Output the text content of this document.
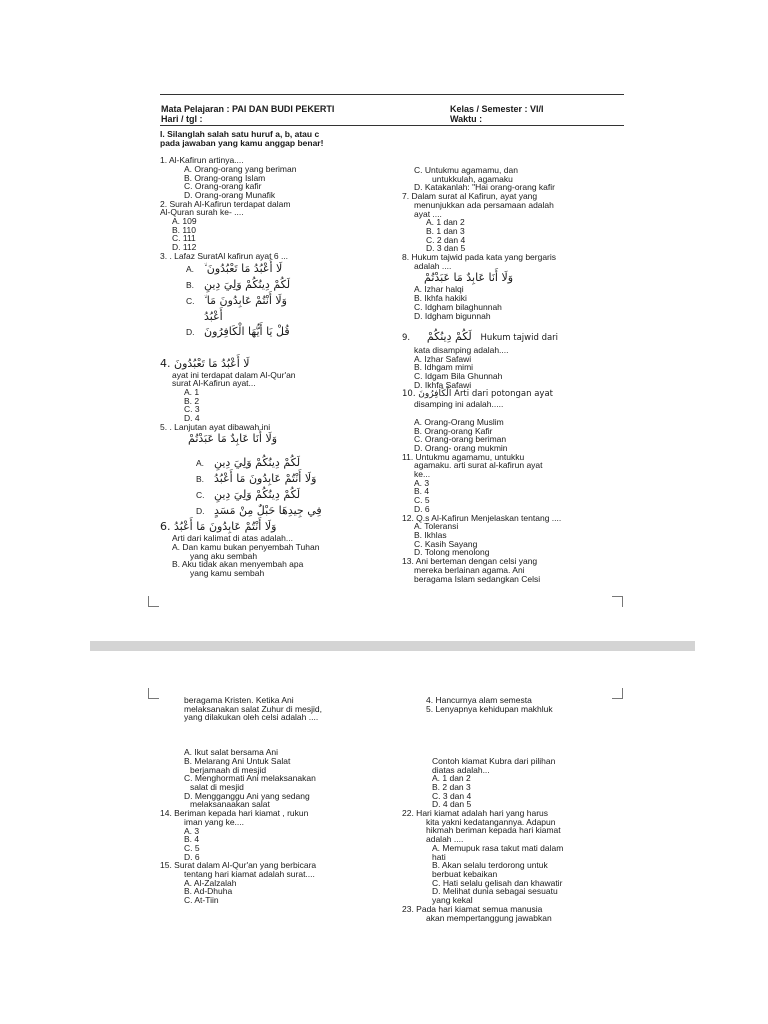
Mata Pelajaran : PAI DAN BUDI PEKERTI
Hari / tgl :
Kelas / Semester : VI/I
Waktu :
I. Silanglah salah satu huruf a, b, atau c
pada jawaban yang kamu anggap benar!
1. Al-Kafirun artinya....
A. Orang-orang yang beriman
B. Orang-orang Islam
C. Orang-orang kafir
D. Orang-orang Munafik
2. Surah Al-Kafirun terdapat dalam
Al-Quran surah ke- ....
A. 109
B. 110
C. 111
D. 112
3. . Lafaz SuratAl kafirun ayat 6 ...
A. لَا أَعْبُدُ مَا تَعْبُدُونَ ۙ
B. لَكُمْ دِينُكُمْ وَلِيَ دِينِ
C. وَلَا أَنْتُمْ عَابِدُونَ مَا ۙ
أَعْبُدُ
D. قُلْ يَا أَيُّهَا الْكَافِرُونَ
4. لَا أَعْبُدُ مَا تَعْبُدُونَ
ayat ini terdapat dalam Al-Qur'an
surat Al-Kafirun ayat...
A. 1
B. 2
C. 3
D. 4
5. . Lanjutan ayat dibawah ini
وَلَا أَنَا عَابِدٌ مَا عَبَدْتُمْ
A. لَكُمْ دِينُكُمْ وَلِيَ دِينِ
B. وَلَا أَنْتُمْ عَابِدُونَ مَا أَعْبُدُ
C. لَكُمْ دِينُكُمْ وَلِيَ دِينِ
D. فِي جِيدِهَا حَبْلٌ مِنْ مَسَدٍ
6. وَلَا أَنْتُمْ عَابِدُونَ مَا أَعْبُدُ
Arti dari kalimat di atas adalah...
A. Dan kamu bukan penyembah Tuhan
yang aku sembah
B. Aku tidak akan menyembah apa
yang kamu sembah
C. Untukmu agamamu, dan
untukkulah, agamaku
D. Katakanlah: "Hai orang-orang kafir
7. Dalam surat al Kafirun, ayat yang
menunjukkan ada persamaan adalah
ayat ....
A. 1 dan 2
B. 1 dan 3
C. 2 dan 4
D. 3 dan 5
8. Hukum tajwid pada kata yang bergaris
adalah ....
وَلَا أَنَا عَابِدٌ مَا عَبَدْتُمْ
A. Izhar halqi
B. Ikhfa hakiki
C. Idgham bilaghunnah
D. Idgham bigunnah
9. لَكُمْ دِينُكُمْ Hukum tajwid dari
kata disamping adalah....
A. Izhar Safawi
B. Idhgam mimi
C. Idgam Bila Ghunnah
D. Ikhfa Safawi
10. الْكَافِرُونَ Arti dari potongan ayat
disamping ini adalah.....
A. Orang-Orang Muslim
B. Orang-orang Kafir
C. Orang-orang beriman
D. Orang- orang mukmin
11. Untukmu agamamu, untukku
agamaku. arti surat al-kafirun ayat
ke...
A. 3
B. 4
C. 5
D. 6
12. Q.s Al-Kafirun Menjelaskan tentang ....
A. Toleransi
B. Ikhlas
C. Kasih Sayang
D. Tolong menolong
13. Ani berteman dengan celsi yang
mereka berlainan agama. Ani
beragama Islam sedangkan Celsi
beragama Kristen. Ketika Ani
melaksanakan salat Zuhur di mesjid,
yang dilakukan oleh celsi adalah ....
A. Ikut salat bersama Ani
B. Melarang Ani Untuk Salat
berjamaah di mesjid
C. Menghormati Ani melaksanakan
salat di mesjid
D. Mengganggu Ani yang sedang
melaksanaakan salat
14. Beriman kepada hari kiamat , rukun
iman yang ke....
A. 3
B. 4
C. 5
D. 6
15. Surat dalam Al-Qur'an yang berbicara
tentang hari kiamat adalah surat....
A. Al-Zalzalah
B. Ad-Dhuha
C. At-Tiin
4. Hancurnya alam semesta
5. Lenyapnya kehidupan makhluk
Contoh kiamat Kubra dari pilihan
diatas adalah...
A. 1 dan 2
B. 2 dan 3
C. 3 dan 4
D. 4 dan 5
22. Hari kiamat adalah hari yang harus
kita yakni kedatangannya. Adapun
hikmah beriman kepada hari kiamat
adalah ....
A. Memupuk rasa takut mati dalam
hati
B. Akan selalu terdorong untuk
berbuat kebaikan
C. Hati selalu gelisah dan khawatir
D. Melihat dunia sebagai sesuatu
yang kekal
23. Pada hari kiamat semua manusia
akan mempertanggung jawabkan
